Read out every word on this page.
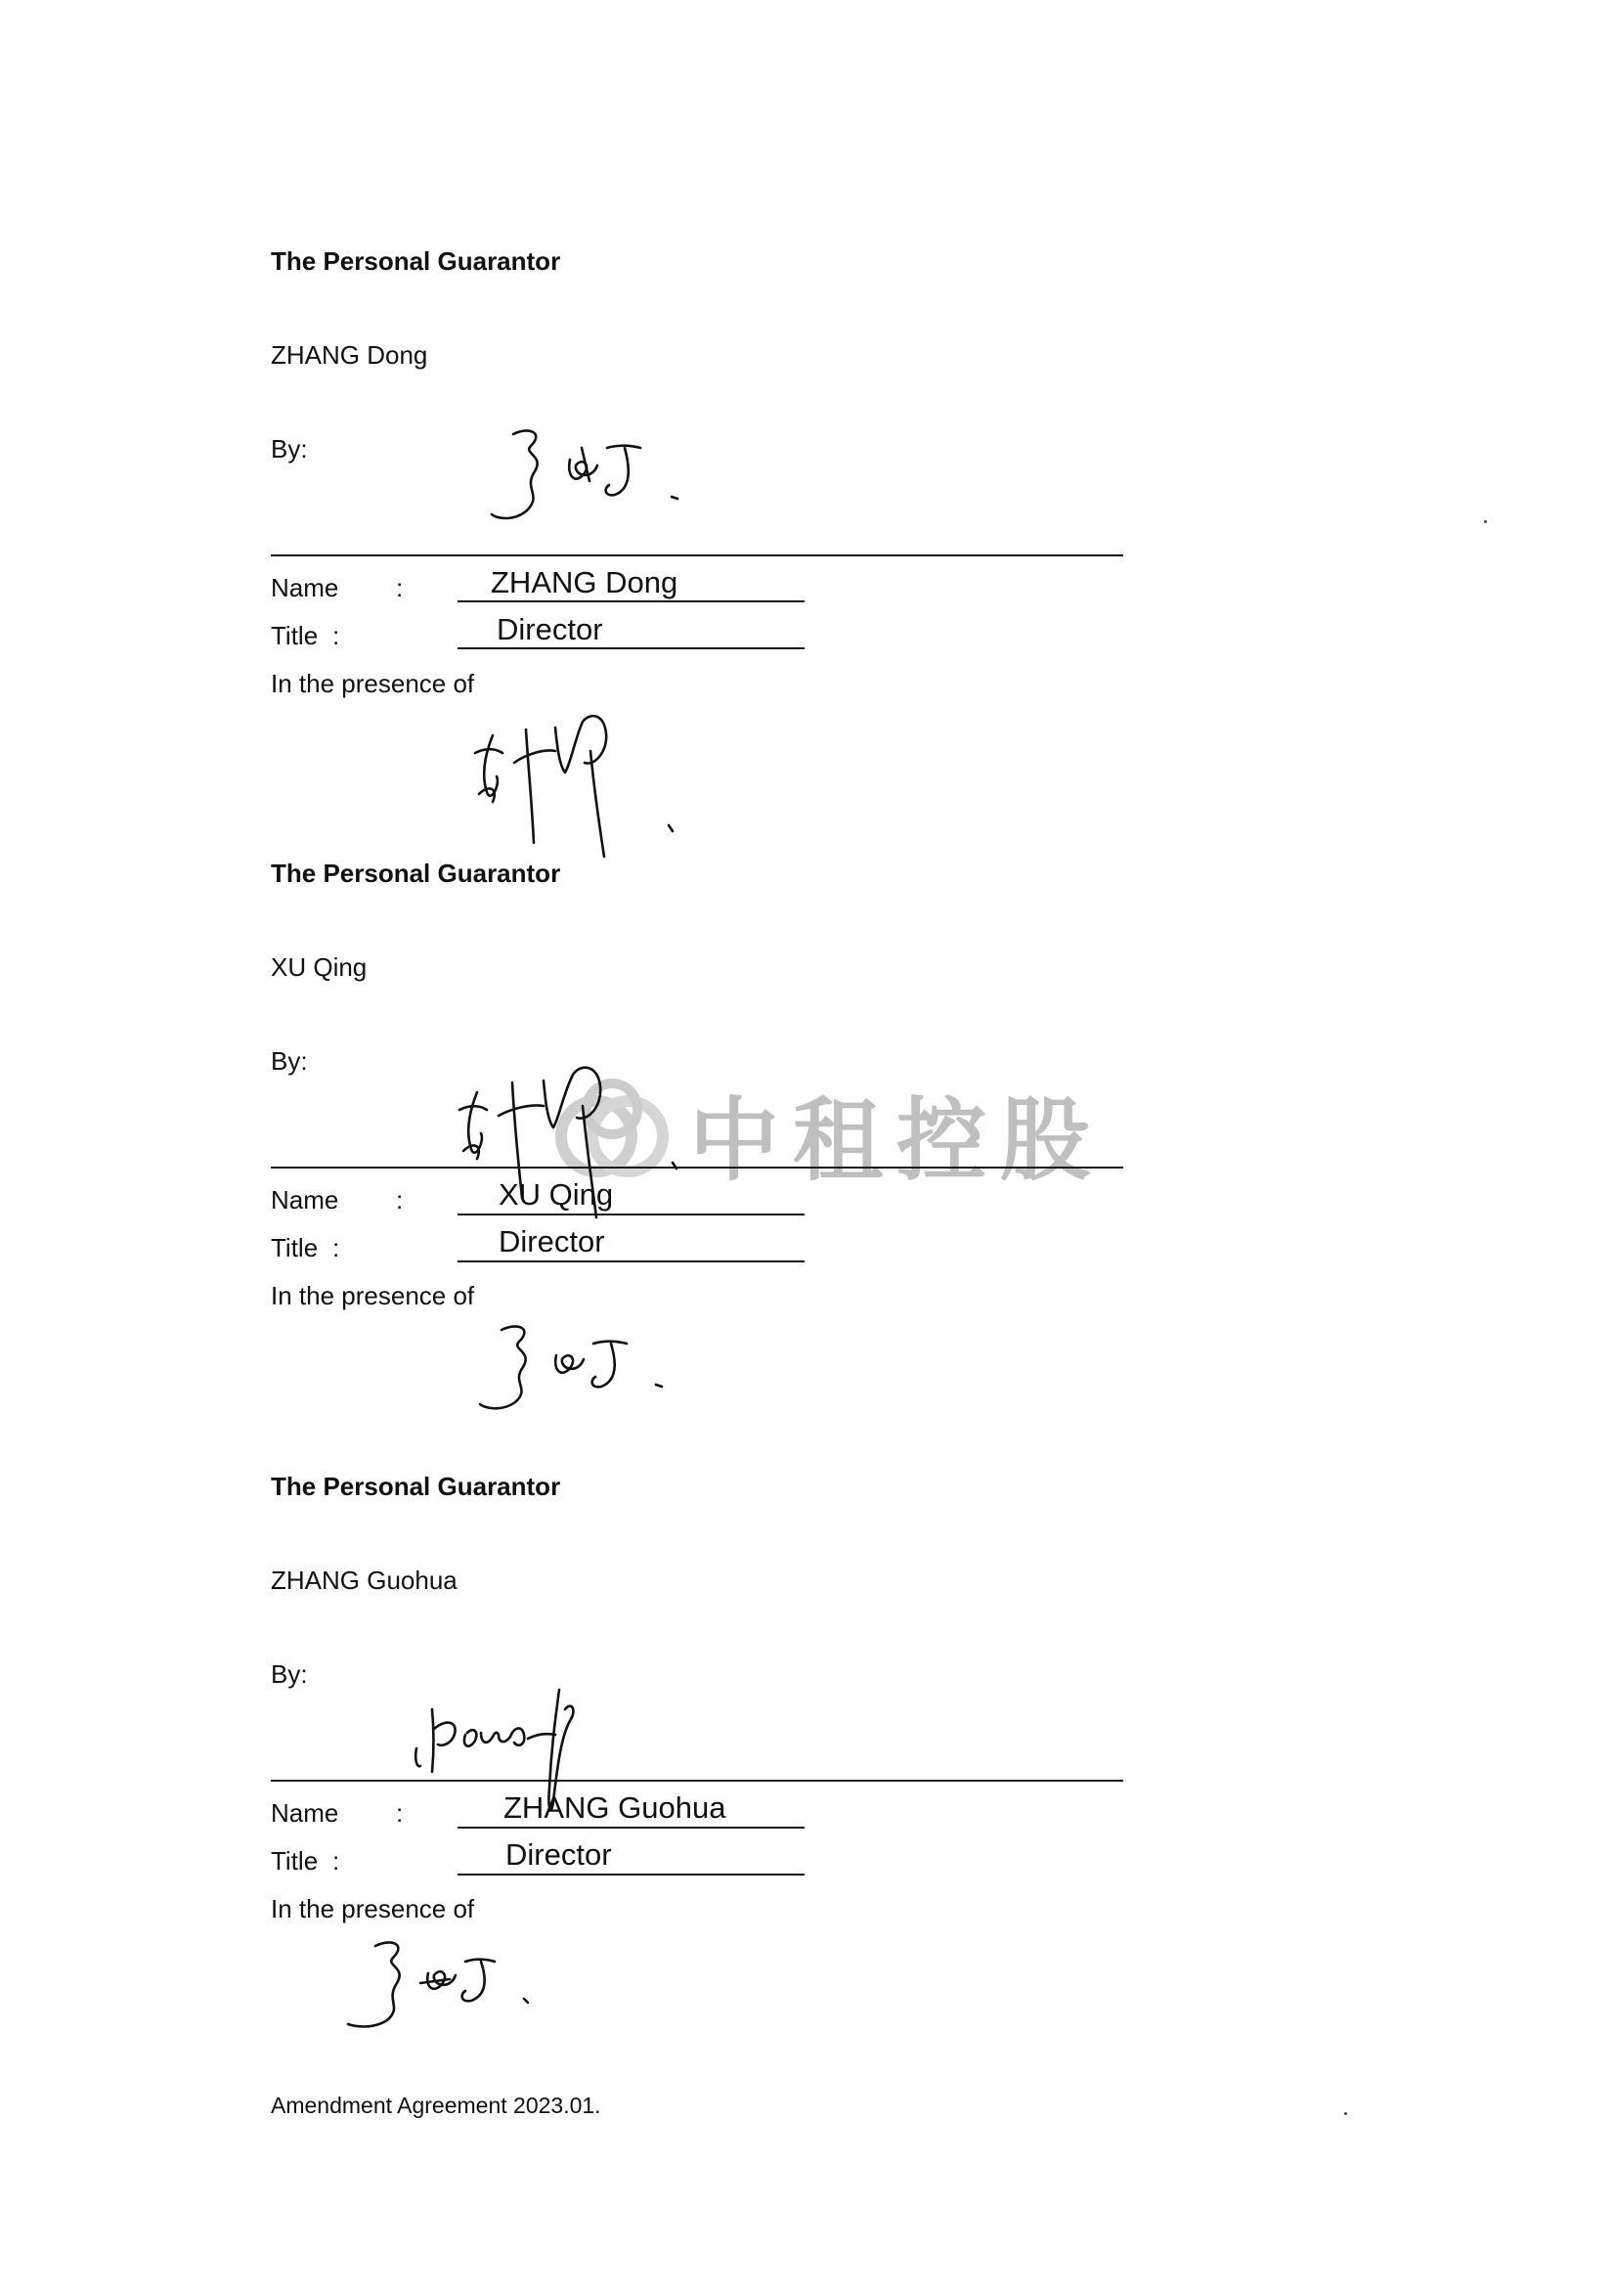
中租控股
The Personal Guarantor
ZHANG Dong
By:
Name :	ZHANG Dong
Title :	Director
In the presence of
The Personal Guarantor
XU Qing
By:
Name :	XU Qing
Title :	Director
In the presence of
The Personal Guarantor
ZHANG Guohua
By:
Name :	ZHANG Guohua
Title :	Director
In the presence of
Amendment Agreement 2023.01.
